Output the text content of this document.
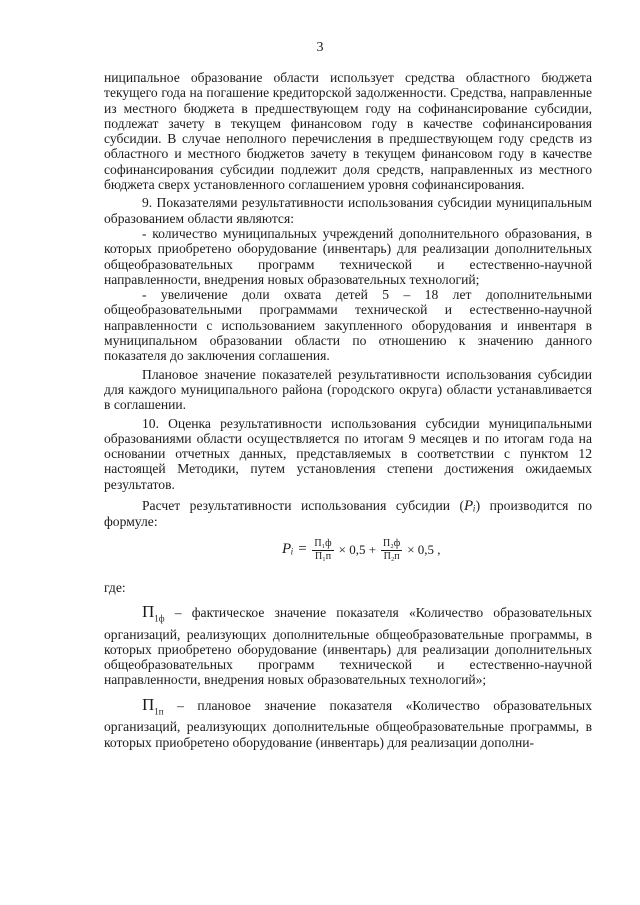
3

ниципальное образование области использует средства областного бюджета текущего года на погашение кредиторской задолженности. Средства, направленные из местного бюджета в предшествующем году на софинансирование субсидии, подлежат зачету в текущем финансовом году в качестве софинансирования субсидии. В случае неполного перечисления в предшествующем году средств из областного и местного бюджетов зачету в текущем финансовом году в качестве софинансирования субсидии подлежит доля средств, направленных из местного бюджета сверх установленного соглашением уровня софинансирования.

9. Показателями результативности использования субсидии муниципальным образованием области являются:

- количество муниципальных учреждений дополнительного образования, в которых приобретено оборудование (инвентарь) для реализации дополнительных общеобразовательных программ технической и естественно-научной направленности, внедрения новых образовательных технологий;

- увеличение доли охвата детей 5 – 18 лет дополнительными общеобразовательными программами технической и естественно-научной направленности с использованием закупленного оборудования и инвентаря в муниципальном образовании области по отношению к значению данного показателя до заключения соглашения.

Плановое значение показателей результативности использования субсидии для каждого муниципального района (городского округа) области устанавливается в соглашении.

10. Оценка результативности использования субсидии муниципальными образованиями области осуществляется по итогам 9 месяцев и по итогам года на основании отчетных данных, представляемых в соответствии с пунктом 12 настоящей Методики, путем установления степени достижения ожидаемых результатов.

Расчет результативности использования субсидии (Pᵢ) производится по формуле:

Pᵢ = $\frac{\text{П₁ф}}{\text{П₁п}} \times 0,5 + \frac{\text{П₂ф}}{\text{П₂п}} \times 0,5$ ,

где:

$П_{1ф}$ – фактическое значение показателя «Количество образовательных организаций, реализующих дополнительные общеобразовательные программы, в которых приобретено оборудование (инвентарь) для реализации дополнительных общеобразовательных программ технической и естественно-научной направленности, внедрения новых образовательных технологий»;

$П_{1п}$ – плановое значение показателя «Количество образовательных организаций, реализующих дополнительные общеобразовательные программы, в которых приобретено оборудование (инвентарь) для реализации дополни-
